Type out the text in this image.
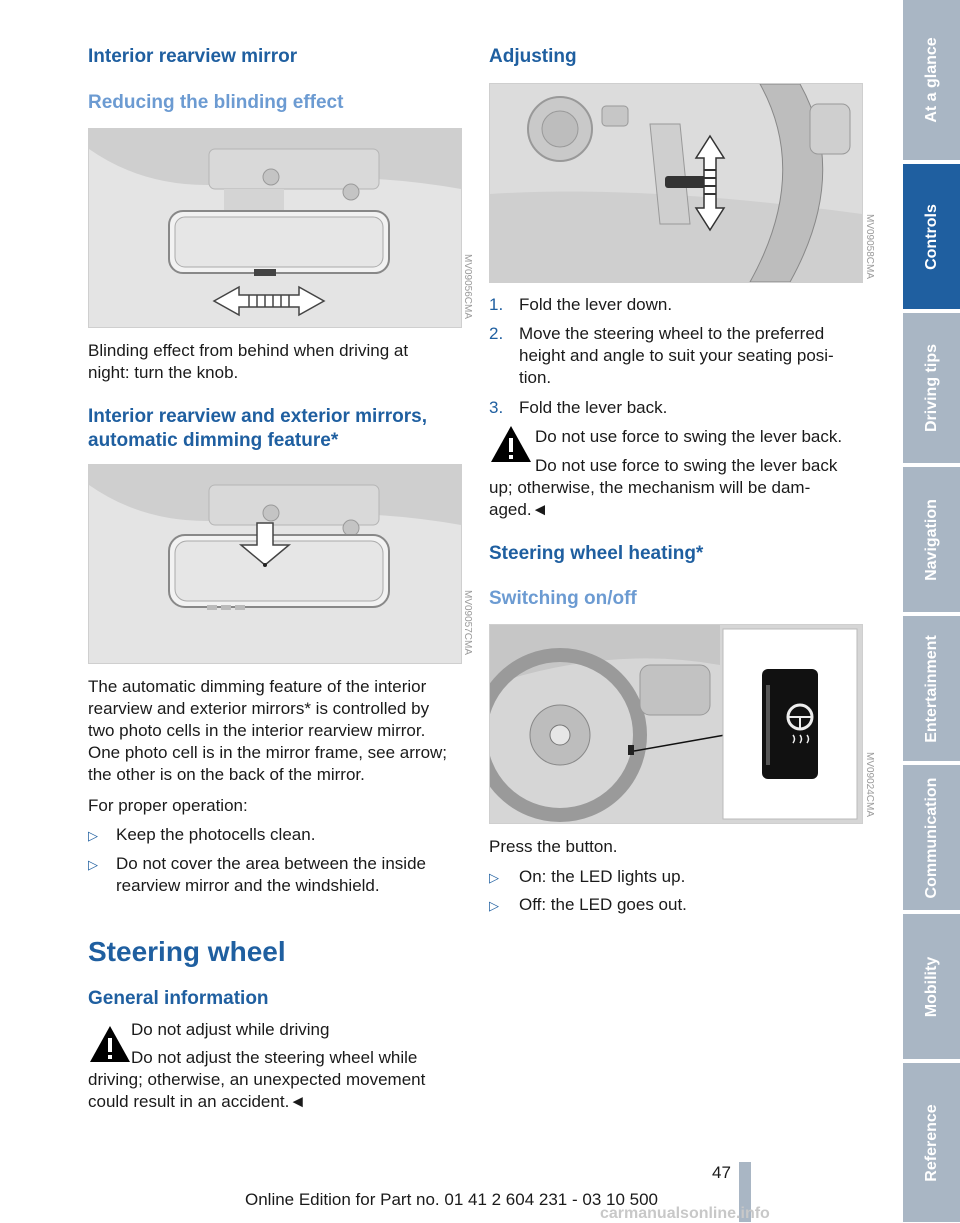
Interior rearview mirror
Reducing the blinding effect
MV09056CMA
Blinding effect from behind when driving at
night: turn the knob.
Interior rearview and exterior mirrors,
automatic dimming feature*
MV09057CMA
The automatic dimming feature of the interior
rearview and exterior mirrors* is controlled by
two photo cells in the interior rearview mirror.
One photo cell is in the mirror frame, see arrow;
the other is on the back of the mirror.
For proper operation:
▷ Keep the photocells clean.
▷ Do not cover the area between the inside
rearview mirror and the windshield.
Steering wheel
General information
Do not adjust while driving
Do not adjust the steering wheel while
driving; otherwise, an unexpected movement
could result in an accident.◄
Adjusting
MV09058CMA
1. Fold the lever down.
2. Move the steering wheel to the preferred
height and angle to suit your seating posi-
tion.
3. Fold the lever back.
Do not use force to swing the lever back.
Do not use force to swing the lever back
up; otherwise, the mechanism will be dam-
aged.◄
Steering wheel heating*
Switching on/off
MV09024CMA
Press the button.
▷ On: the LED lights up.
▷ Off: the LED goes out.
47
Online Edition for Part no. 01 41 2 604 231 - 03 10 500
carmanualsonline.info
At a glance
Controls
Driving tips
Navigation
Entertainment
Communication
Mobility
Reference
